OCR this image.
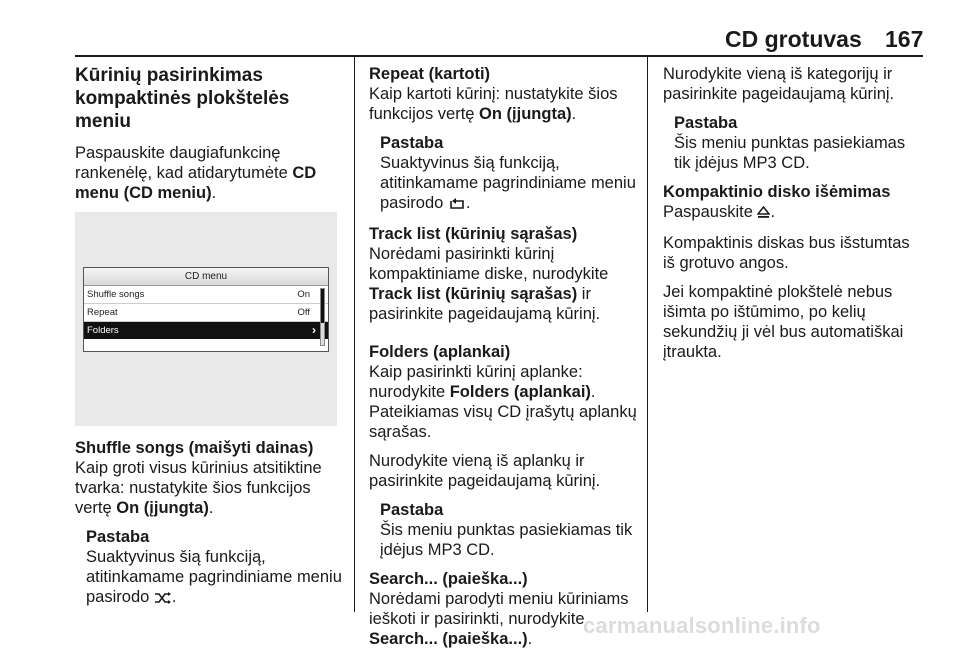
CD grotuvas 167
Kūrinių pasirinkimas kompaktinės plokštelės meniu

Paspauskite daugiafunkcinę rankenėlę, kad atidarytumėte CD menu (CD meniu).

CD menu
Shuffle songs	On
Repeat	Off
Folders	›

Shuffle songs (maišyti dainas)

Kaip groti visus kūrinius atsitiktine tvarka: nustatykite šios funkcijos vertę On (įjungta).

Pastaba
Suaktyvinus šią funkciją, atitinkamame pagrindiniame meniu pasirodo .

Repeat (kartoti)

Kaip kartoti kūrinį: nustatykite šios funkcijos vertę On (įjungta).

Pastaba
Suaktyvinus šią funkciją, atitinkamame pagrindiniame meniu pasirodo .

Track list (kūrinių sąrašas)

Norėdami pasirinkti kūrinį kompaktiniame diske, nurodykite Track list (kūrinių sąrašas) ir pasirinkite pageidaujamą kūrinį.

Folders (aplankai)

Kaip pasirinkti kūrinį aplanke: nurodykite Folders (aplankai). Pateikiamas visų CD įrašytų aplankų sąrašas.

Nurodykite vieną iš aplankų ir pasirinkite pageidaujamą kūrinį.

Pastaba
Šis meniu punktas pasiekiamas tik įdėjus MP3 CD.

Search... (paieška...)

Norėdami parodyti meniu kūriniams ieškoti ir pasirinkti, nurodykite Search... (paieška...).

Nurodykite vieną iš kategorijų ir pasirinkite pageidaujamą kūrinį.

Pastaba
Šis meniu punktas pasiekiamas tik įdėjus MP3 CD.

Kompaktinio disko išėmimas

Paspauskite .

Kompaktinis diskas bus išstumtas iš grotuvo angos.

Jei kompaktinė plokštelė nebus išimta po ištūmimo, po kelių sekundžių ji vėl bus automatiškai įtraukta.

carmanualsonline.info
